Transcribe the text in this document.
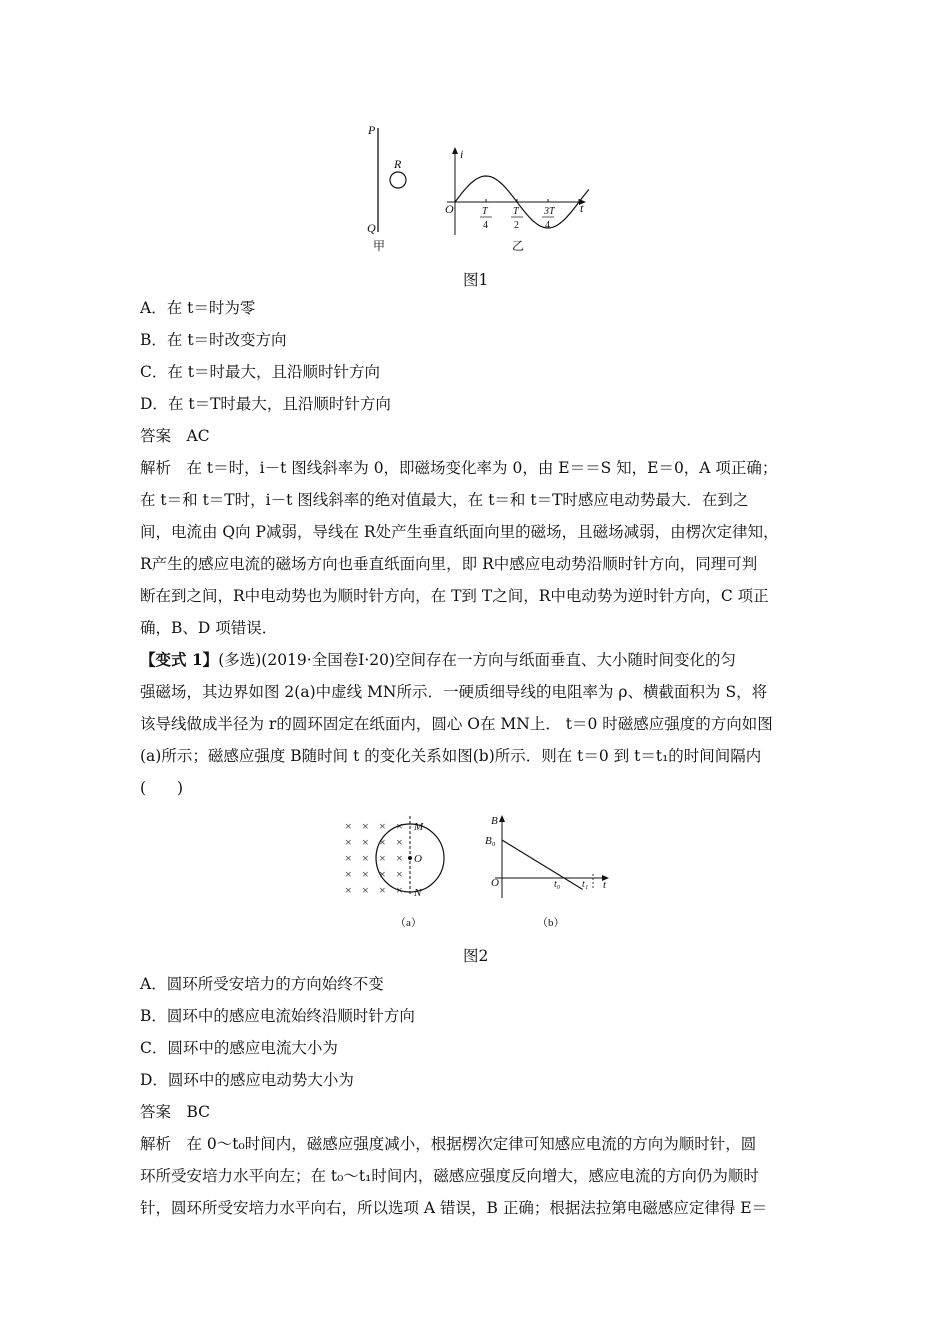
P
Q
R
甲
i
t
O	T
4
T
2
3T
4
乙
图1
A．在 t＝时为零
B．在 t＝时改变方向
C．在 t＝时最大，且沿顺时针方向
D．在 t＝T时最大，且沿顺时针方向
答案　AC
解析　在 t＝时，i－t 图线斜率为 0，即磁场变化率为 0，由 E＝＝S 知，E＝0，A 项正确；
在 t＝和 t＝T时，i－t 图线斜率的绝对值最大，在 t＝和 t＝T时感应电动势最大．在到之
间，电流由 Q向 P减弱，导线在 R处产生垂直纸面向里的磁场，且磁场减弱，由楞次定律知，
R产生的感应电流的磁场方向也垂直纸面向里，即 R中感应电动势沿顺时针方向，同理可判
断在到之间，R中电动势也为顺时针方向，在 T到 T之间，R中电动势为逆时针方向，C 项正
确，B、D 项错误．
【变式 1】(多选)(2019·全国卷Ⅰ·20)空间存在一方向与纸面垂直、大小随时间变化的匀
强磁场，其边界如图 2(a)中虚线 MN所示．一硬质细导线的电阻率为 ρ、横截面积为 S，将
该导线做成半径为 r的圆环固定在纸面内，圆心 O在 MN上． t＝0 时磁感应强度的方向如图
(a)所示；磁感应强度 B随时间 t 的变化关系如图(b)所示．则在 t＝0 到 t＝t₁的时间间隔内
(　　)
× × × ×
× × × ×
× × × ×
× × × ×
× × × ×
M
O
N
（a）
B
t
O
B₀
t₀ t₁
（b）
图2
A．圆环所受安培力的方向始终不变
B．圆环中的感应电流始终沿顺时针方向
C．圆环中的感应电流大小为
D．圆环中的感应电动势大小为
答案　BC
解析　在 0～t₀时间内，磁感应强度减小，根据楞次定律可知感应电流的方向为顺时针，圆
环所受安培力水平向左；在 t₀～t₁时间内，磁感应强度反向增大，感应电流的方向仍为顺时
针，圆环所受安培力水平向右，所以选项 A 错误，B 正确；根据法拉第电磁感应定律得 E＝
